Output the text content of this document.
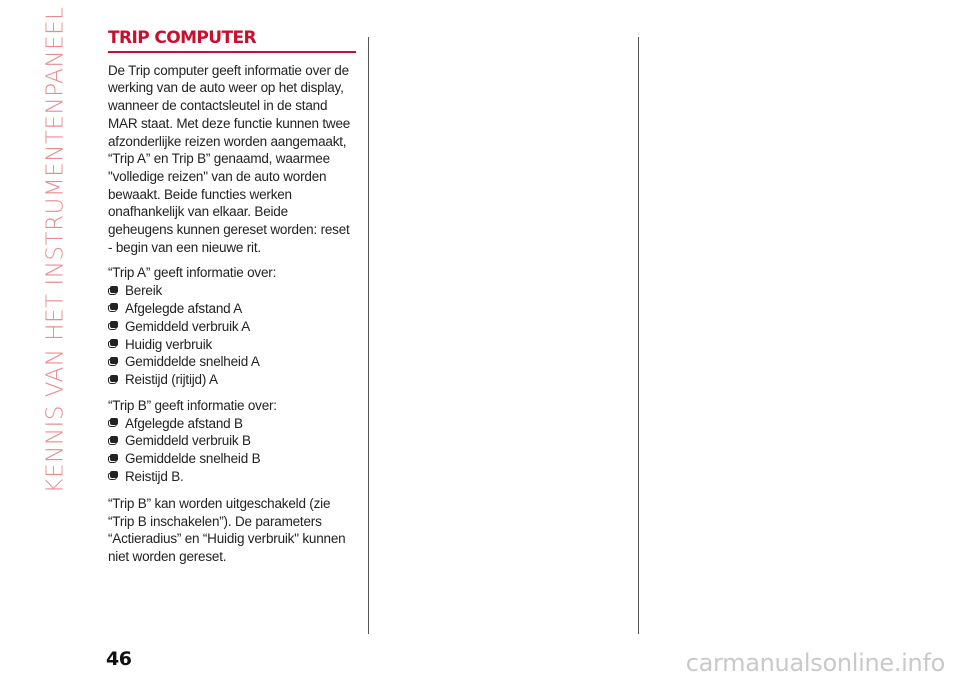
KENNIS VAN HET INSTRUMENTENPANEEL TRIP COMPUTER

De Trip computer geeft informatie over de werking van de auto weer op het display, wanneer de contactsleutel in de stand MAR staat. Met deze functie kunnen twee afzonderlijke reizen worden aangemaakt, “Trip A” en Trip B” genaamd, waarmee "volledige reizen" van de auto worden bewaakt. Beide functies werken onafhankelijk van elkaar. Beide geheugens kunnen gereset worden: reset - begin van een nieuwe rit.

“Trip A” geeft informatie over:

Bereik
Afgelegde afstand A
Gemiddeld verbruik A
Huidig verbruik
Gemiddelde snelheid A
Reistijd (rijtijd) A

“Trip B” geeft informatie over:

Afgelegde afstand B
Gemiddeld verbruik B
Gemiddelde snelheid B
Reistijd B.

“Trip B” kan worden uitgeschakeld (zie “Trip B inschakelen”). De parameters “Actieradius” en “Huidig verbruik" kunnen niet worden gereset.

46	carmanualsonline.info
